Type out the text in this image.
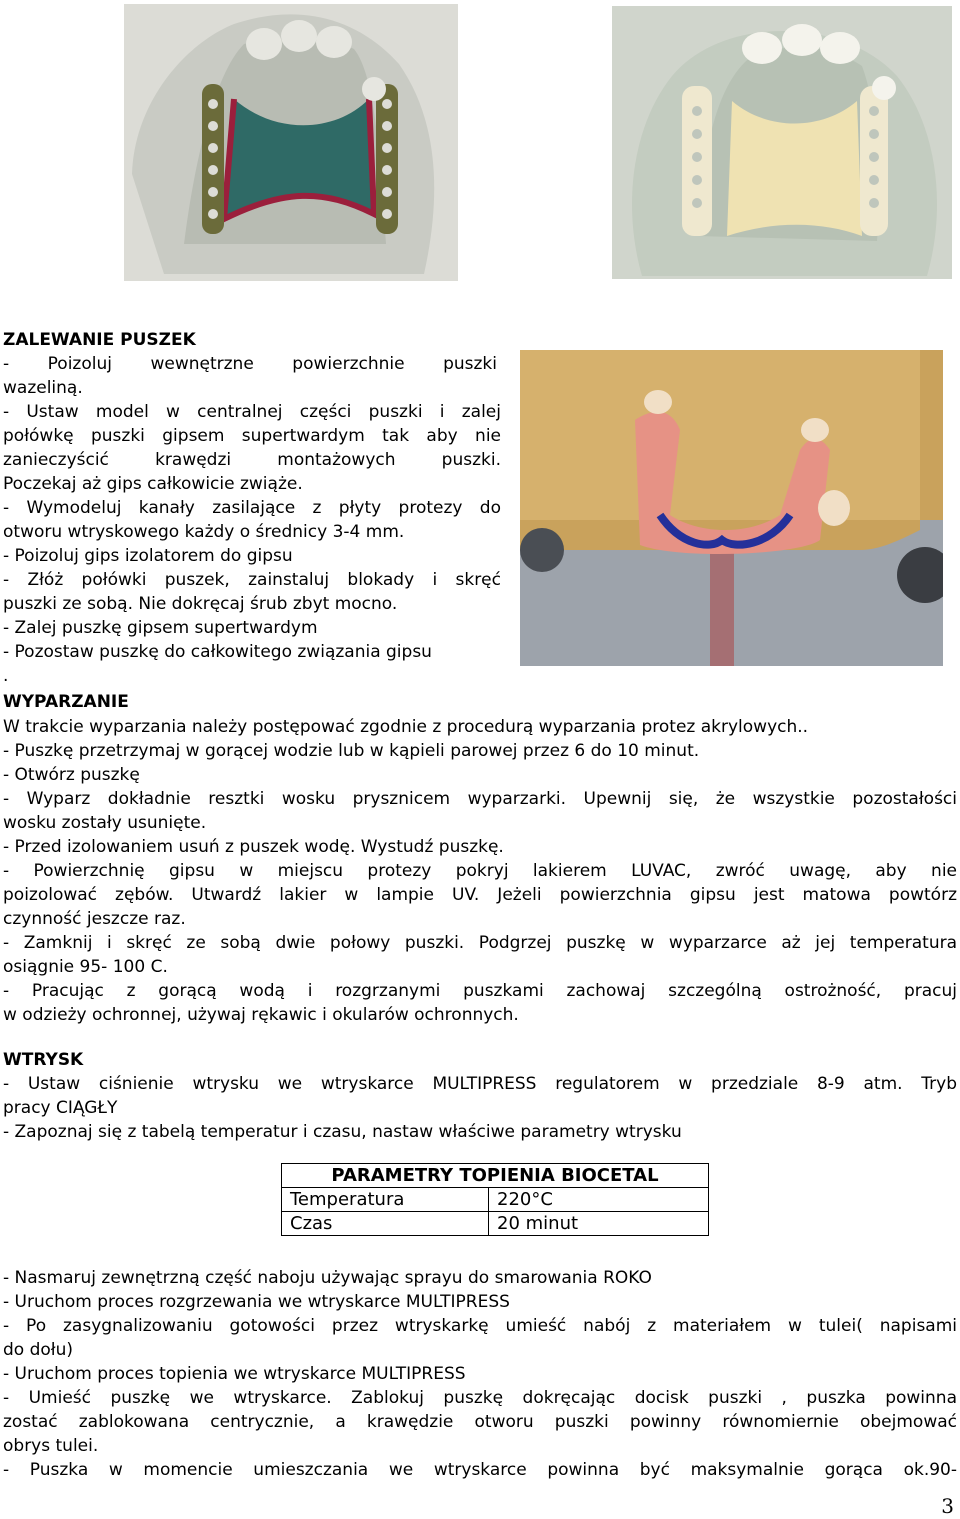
ZALEWANIE PUSZEK

- Poizoluj wewnętrzne powierzchnie puszki

wazeliną.

- Ustaw model w centralnej części puszki i zalej

połówkę puszki gipsem supertwardym tak aby nie

zanieczyścić krawędzi montażowych puszki.

Poczekaj aż gips całkowicie zwiąże.

- Wymodeluj kanały zasilające z płyty protezy do

otworu wtryskowego każdy o średnicy 3-4 mm.

- Poizoluj gips izolatorem do gipsu

- Złóż połówki puszek, zainstaluj blokady i skręć

puszki ze sobą. Nie dokręcaj śrub zbyt mocno.

- Zalej puszkę gipsem supertwardym

- Pozostaw puszkę do całkowitego związania gipsu

.

WYPARZANIE

W trakcie wyparzania należy postępować zgodnie z procedurą wyparzania protez akrylowych..

- Puszkę przetrzymaj w gorącej wodzie lub w kąpieli parowej przez 6 do 10 minut.

- Otwórz puszkę

- Wyparz dokładnie resztki wosku prysznicem wyparzarki. Upewnij się, że wszystkie pozostałości

wosku zostały usunięte.

- Przed izolowaniem usuń z puszek wodę. Wystudź puszkę.

- Powierzchnię gipsu w miejscu protezy pokryj lakierem LUVAC, zwróć uwagę, aby nie

poizolować zębów. Utwardź lakier w lampie UV. Jeżeli powierzchnia gipsu jest matowa powtórz

czynność jeszcze raz.

- Zamknij i skręć ze sobą dwie połowy puszki. Podgrzej puszkę w wyparzarce aż jej temperatura

osiągnie 95- 100 C.

- Pracując z gorącą wodą i rozgrzanymi puszkami zachowaj szczególną ostrożność, pracuj

w odzieży ochronnej, używaj rękawic i okularów ochronnych.

WTRYSK

- Ustaw ciśnienie wtrysku we wtryskarce MULTIPRESS regulatorem w przedziale 8-9 atm. Tryb

pracy CIĄGŁY

- Zapoznaj się z tabelą temperatur i czasu, nastaw właściwe parametry wtrysku

PARAMETRY TOPIENIA BIOCETAL	
Temperatura	220°C
Czas	20 minut

- Nasmaruj zewnętrzną część naboju używając sprayu do smarowania ROKO

- Uruchom proces rozgrzewania we wtryskarce MULTIPRESS

- Po zasygnalizowaniu gotowości przez wtryskarkę umieść nabój z materiałem w tulei( napisami

do dołu)

- Uruchom proces topienia we wtryskarce MULTIPRESS

- Umieść puszkę we wtryskarce. Zablokuj puszkę dokręcając docisk puszki , puszka powinna

zostać zablokowana centrycznie, a krawędzie otworu puszki powinny równomiernie obejmować

obrys tulei.

- Puszka w momencie umieszczania we wtryskarce powinna być maksymalnie gorąca ok.90-

3
